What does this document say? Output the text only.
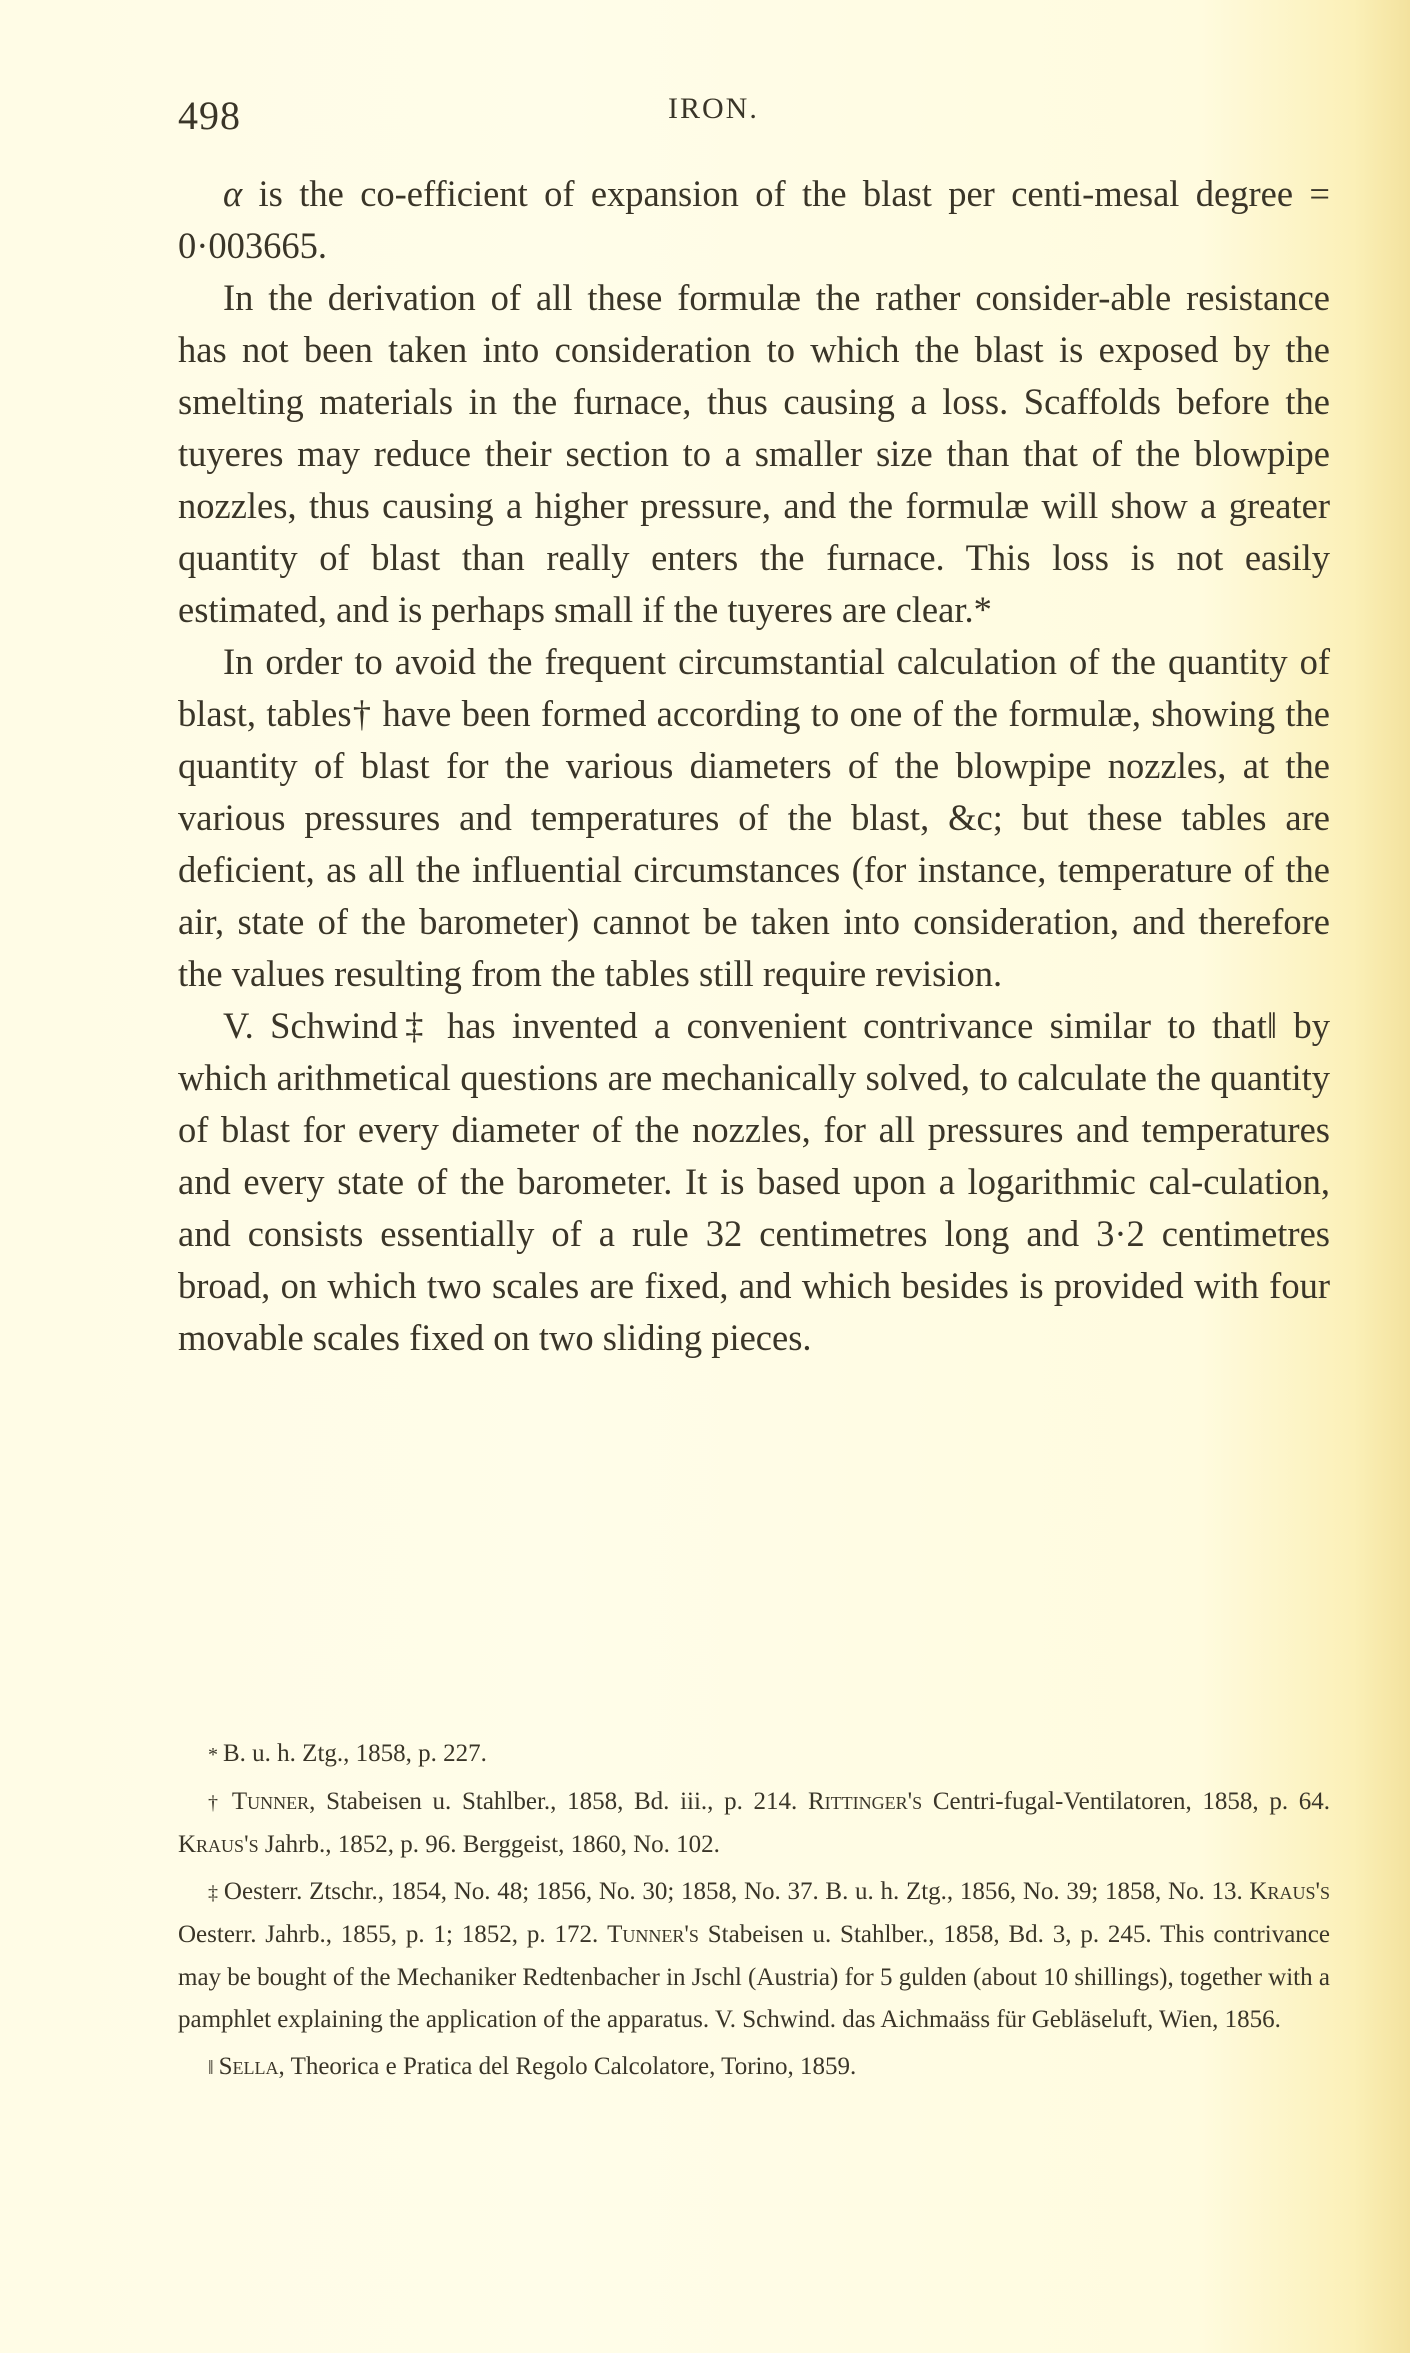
498	IRON.

α is the co-efficient of expansion of the blast per centi-mesal degree = 0·003665.

In the derivation of all these formulæ the rather consider-able resistance has not been taken into consideration to which the blast is exposed by the smelting materials in the furnace, thus causing a loss. Scaffolds before the tuyeres may reduce their section to a smaller size than that of the blowpipe nozzles, thus causing a higher pressure, and the formulæ will show a greater quantity of blast than really enters the furnace. This loss is not easily estimated, and is perhaps small if the tuyeres are clear.*

In order to avoid the frequent circumstantial calculation of the quantity of blast, tables† have been formed according to one of the formulæ, showing the quantity of blast for the various diameters of the blowpipe nozzles, at the various pressures and temperatures of the blast, &c; but these tables are deficient, as all the influential circumstances (for instance, temperature of the air, state of the barometer) cannot be taken into consideration, and therefore the values resulting from the tables still require revision.

V. Schwind‡ has invented a convenient contrivance similar to that‖ by which arithmetical questions are mechanically solved, to calculate the quantity of blast for every diameter of the nozzles, for all pressures and temperatures and every state of the barometer. It is based upon a logarithmic cal-culation, and consists essentially of a rule 32 centimetres long and 3·2 centimetres broad, on which two scales are fixed, and which besides is provided with four movable scales fixed on two sliding pieces.

* B. u. h. Ztg., 1858, p. 227.

† Tunner, Stabeisen u. Stahlber., 1858, Bd. iii., p. 214. Rittinger's Centri-fugal-Ventilatoren, 1858, p. 64. Kraus's Jahrb., 1852, p. 96. Berggeist, 1860, No. 102.

‡ Oesterr. Ztschr., 1854, No. 48; 1856, No. 30; 1858, No. 37. B. u. h. Ztg., 1856, No. 39; 1858, No. 13. Kraus's Oesterr. Jahrb., 1855, p. 1; 1852, p. 172. Tunner's Stabeisen u. Stahlber., 1858, Bd. 3, p. 245. This contrivance may be bought of the Mechaniker Redtenbacher in Jschl (Austria) for 5 gulden (about 10 shillings), together with a pamphlet explaining the application of the apparatus. V. Schwind. das Aichmaäss für Gebläseluft, Wien, 1856.

‖ Sella, Theorica e Pratica del Regolo Calcolatore, Torino, 1859.
